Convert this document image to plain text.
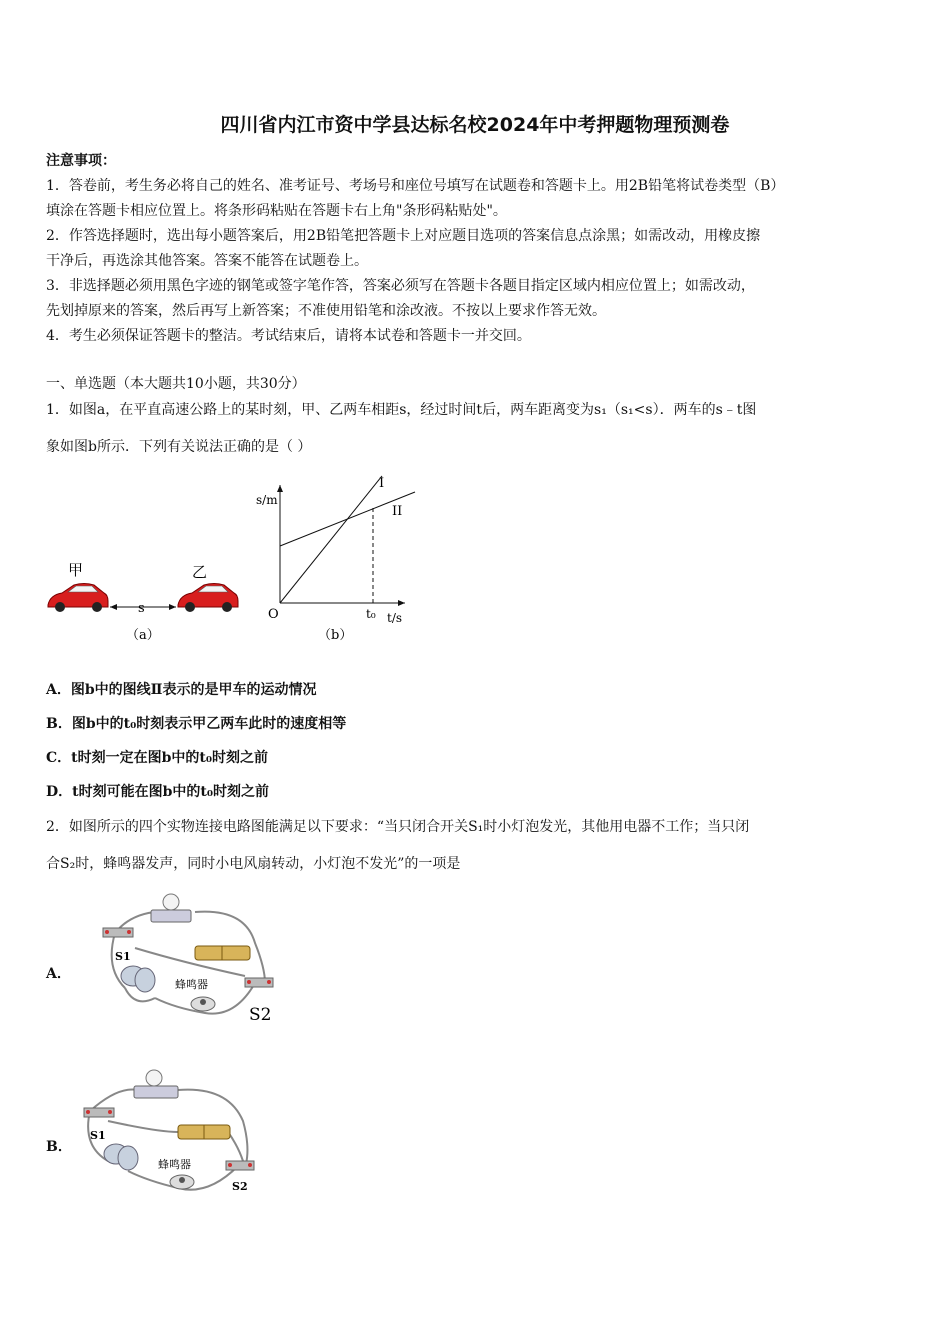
四川省内江市资中学县达标名校2024年中考押题物理预测卷
注意事项：
1．答卷前，考生务必将自己的姓名、准考证号、考场号和座位号填写在试题卷和答题卡上。用2B铅笔将试卷类型（B）
填涂在答题卡相应位置上。将条形码粘贴在答题卡右上角"条形码粘贴处"。
2．作答选择题时，选出每小题答案后，用2B铅笔把答题卡上对应题目选项的答案信息点涂黑；如需改动，用橡皮擦
干净后，再选涂其他答案。答案不能答在试题卷上。
3．非选择题必须用黑色字迹的钢笔或签字笔作答，答案必须写在答题卡各题目指定区域内相应位置上；如需改动，
先划掉原来的答案，然后再写上新答案；不准使用铅笔和涂改液。不按以上要求作答无效。
4．考生必须保证答题卡的整洁。考试结束后，请将本试卷和答题卡一并交回。
一、单选题（本大题共10小题，共30分）
1．如图a，在平直高速公路上的某时刻，甲、乙两车相距s，经过时间t后，两车距离变为s₁（s₁<s）．两车的s﹣t图
象如图b所示．下列有关说法正确的是（ ）
甲	乙
s
（a）
s/m
t/s
O
I
II
t₀
（b）
A．图b中的图线Ⅱ表示的是甲车的运动情况
B．图b中的t₀时刻表示甲乙两车此时的速度相等
C．t时刻一定在图b中的t₀时刻之前
D．t时刻可能在图b中的t₀时刻之前
2．如图所示的四个实物连接电路图能满足以下要求：“当只闭合开关S₁时小灯泡发光，其他用电器不工作；当只闭
合S₂时，蜂鸣器发声，同时小电风扇转动，小灯泡不发光”的一项是
A．
S1
蜂鸣器
S2
B．
S1
蜂鸣器
S2
